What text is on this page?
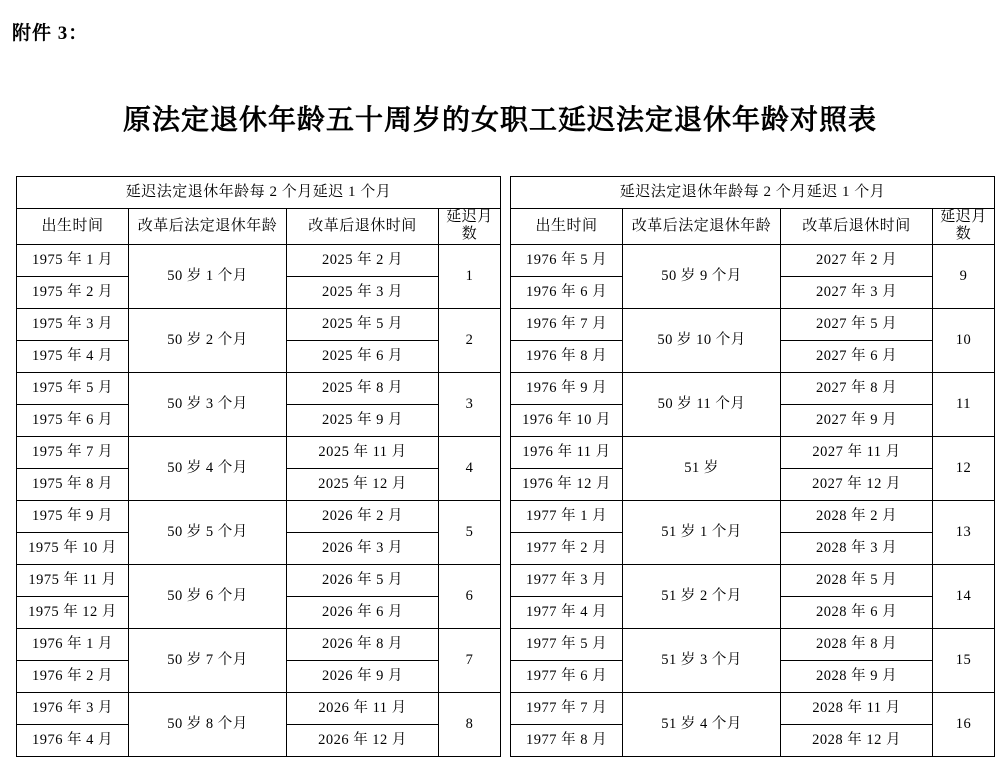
附件 3：
原法定退休年龄五十周岁的女职工延迟法定退休年龄对照表
延迟法定退休年龄每 2 个月延迟 1 个月					延迟法定退休年龄每 2 个月延迟 1 个月			
出生时间	改革后法定退休年龄	改革后退休时间	延迟月数		出生时间	改革后法定退休年龄	改革后退休时间	延迟月数
1975 年 1 月	50 岁 1 个月	2025 年 2 月	1		1976 年 5 月	50 岁 9 个月	2027 年 2 月	9
1975 年 2 月		2025 年 3 月			1976 年 6 月		2027 年 3 月	
1975 年 3 月	50 岁 2 个月	2025 年 5 月	2		1976 年 7 月	50 岁 10 个月	2027 年 5 月	10
1975 年 4 月		2025 年 6 月			1976 年 8 月		2027 年 6 月	
1975 年 5 月	50 岁 3 个月	2025 年 8 月	3		1976 年 9 月	50 岁 11 个月	2027 年 8 月	11
1975 年 6 月		2025 年 9 月			1976 年 10 月		2027 年 9 月	
1975 年 7 月	50 岁 4 个月	2025 年 11 月	4		1976 年 11 月	51 岁	2027 年 11 月	12
1975 年 8 月		2025 年 12 月			1976 年 12 月		2027 年 12 月	
1975 年 9 月	50 岁 5 个月	2026 年 2 月	5		1977 年 1 月	51 岁 1 个月	2028 年 2 月	13
1975 年 10 月		2026 年 3 月			1977 年 2 月		2028 年 3 月	
1975 年 11 月	50 岁 6 个月	2026 年 5 月	6		1977 年 3 月	51 岁 2 个月	2028 年 5 月	14
1975 年 12 月		2026 年 6 月			1977 年 4 月		2028 年 6 月	
1976 年 1 月	50 岁 7 个月	2026 年 8 月	7		1977 年 5 月	51 岁 3 个月	2028 年 8 月	15
1976 年 2 月		2026 年 9 月			1977 年 6 月		2028 年 9 月	
1976 年 3 月	50 岁 8 个月	2026 年 11 月	8		1977 年 7 月	51 岁 4 个月	2028 年 11 月	16
1976 年 4 月		2026 年 12 月			1977 年 8 月		2028 年 12 月	
